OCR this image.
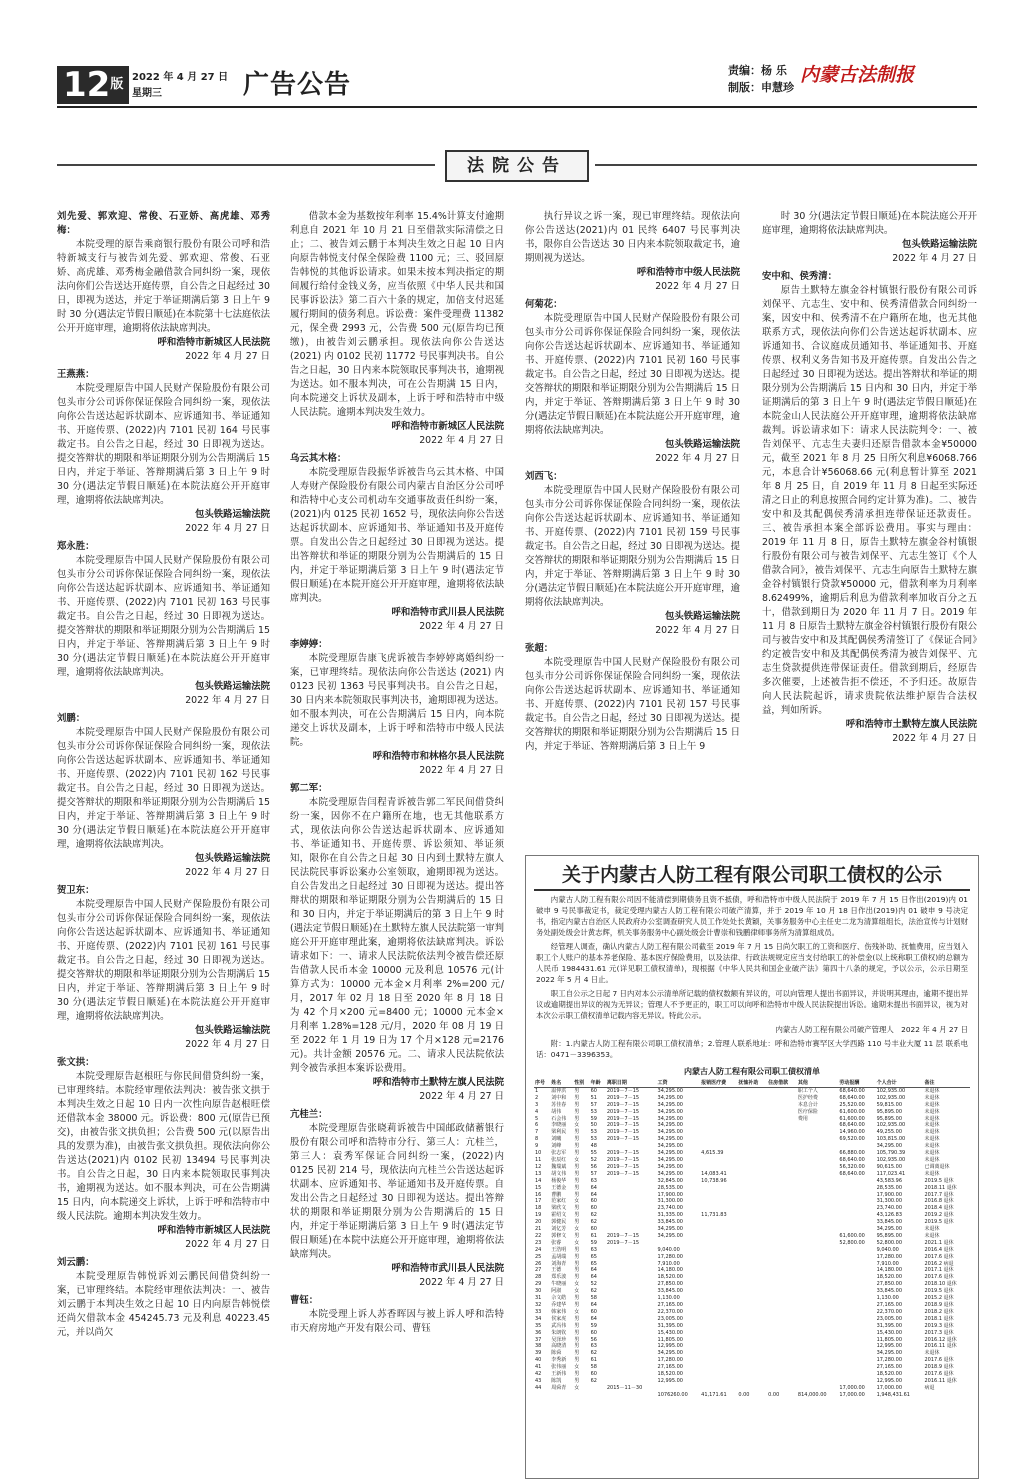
$12^版$ 2022 年 4 月 27 日
星期三	广告公告	责编：杨 乐
制版：申慧珍
内蒙古法制报
法院公告
刘先爱、郭欢迎、常俊、石亚娇、高虎雄、邓秀梅：
本院受理的原告乘商银行股份有限公司呼和浩特新城支行与被告刘先爱、郭欢迎、常俊、石亚娇、高虎雄、邓秀梅金融借款合同纠纷一案，现依法向你们公告送达开庭传票，自公告之日起经过 30 日，即视为送达，并定于举证期满后第 3 日上午 9 时 30 分(遇法定节假日顺延)在本院第十七法庭依法公开开庭审理，逾期将依法缺席判决。
呼和浩特市新城区人民法院
2022 年 4 月 27 日
王燕燕：
本院受理原告中国人民财产保险股份有限公司包头市分公司诉你保证保险合同纠纷一案，现依法向你公告送达起诉状副本、应诉通知书、举证通知书、开庭传票、(2022)内 7101 民初 164 号民事裁定书。自公告之日起，经过 30 日即视为送达。提交答辩状的期限和举证期限分别为公告期满后 15 日内，并定于举证、答辩期满后第 3 日上午 9 时 30 分(遇法定节假日顺延)在本院法庭公开开庭审理，逾期将依法缺席判决。
包头铁路运输法院
2022 年 4 月 27 日
郑永胜：
本院受理原告中国人民财产保险股份有限公司包头市分公司诉你保证保险合同纠纷一案，现依法向你公告送达起诉状副本、应诉通知书、举证通知书、开庭传票、(2022)内 7101 民初 163 号民事裁定书。自公告之日起，经过 30 日即视为送达。提交答辩状的期限和举证期限分别为公告期满后 15 日内，并定于举证、答辩期满后第 3 日上午 9 时 30 分(遇法定节假日顺延)在本院法庭公开开庭审理，逾期将依法缺席判决。
包头铁路运输法院
2022 年 4 月 27 日
刘鹏：
本院受理原告中国人民财产保险股份有限公司包头市分公司诉你保证保险合同纠纷一案，现依法向你公告送达起诉状副本、应诉通知书、举证通知书、开庭传票、(2022)内 7101 民初 162 号民事裁定书。自公告之日起，经过 30 日即视为送达。提交答辩状的期限和举证期限分别为公告期满后 15 日内，并定于举证、答辩期满后第 3 日上午 9 时 30 分(遇法定节假日顺延)在本院法庭公开开庭审理，逾期将依法缺席判决。
包头铁路运输法院
2022 年 4 月 27 日
贺卫东：
本院受理原告中国人民财产保险股份有限公司包头市分公司诉你保证保险合同纠纷一案，现依法向你公告送达起诉状副本、应诉通知书、举证通知书、开庭传票、(2022)内 7101 民初 161 号民事裁定书。自公告之日起，经过 30 日即视为送达。提交答辩状的期限和举证期限分别为公告期满后 15 日内，并定于举证、答辩期满后第 3 日上午 9 时 30 分(遇法定节假日顺延)在本院法庭公开开庭审理，逾期将依法缺席判决。
包头铁路运输法院
2022 年 4 月 27 日
张文拱：
本院受理原告赵根旺与你民间借贷纠纷一案，已审理终结。本院经审理依法判决：被告张文拱于本判决生效之日起 10 日内一次性向原告赵根旺偿还借款本金 38000 元。诉讼费：800 元(原告已预交)，由被告张文拱负担；公告费 500 元(以原告出具的发票为准)，由被告张文拱负担。现依法向你公告送达(2021)内 0102 民初 13494 号民事判决书。自公告之日起，30 日内来本院领取民事判决书，逾期视为送达。如不服本判决，可在公告期满 15 日内，向本院递交上诉状，上诉于呼和浩特市中级人民法院。逾期本判决发生效力。
呼和浩特市新城区人民法院
2022 年 4 月 27 日
刘云鹏：
本院受理原告韩悦诉刘云鹏民间借贷纠纷一案，已审理终结。本院经审理依法判决：一、被告刘云鹏于本判决生效之日起 10 日内向原告韩悦偿还尚欠借款本金 454245.73 元及利息 40223.45 元，并以尚欠
借款本金为基数按年利率 15.4%计算支付逾期利息自 2021 年 10 月 21 日至借款实际清偿之日止；二、被告刘云鹏于本判决生效之日起 10 日内向原告韩悦支付保全保险费 1100 元；三、驳回原告韩悦的其他诉讼请求。如果未按本判决指定的期间履行给付金钱义务，应当依照《中华人民共和国民事诉讼法》第二百六十条的规定，加倍支付迟延履行期间的债务利息。诉讼费：案件受理费 11382 元，保全费 2993 元，公告费 500 元(原告均已预缴)，由被告刘云鹏承担。现依法向你公告送达 (2021) 内 0102 民初 11772 号民事判决书。自公告之日起，30 日内来本院领取民事判决书，逾期视为送达。如不服本判决，可在公告期满 15 日内，向本院递交上诉状及副本，上诉于呼和浩特市中级人民法院。逾期本判决发生效力。
呼和浩特市新城区人民法院
2022 年 4 月 27 日
乌云其木格：
本院受理原告段振华诉被告乌云其木格、中国人寿财产保险股份有限公司内蒙古自治区分公司呼和浩特中心支公司机动车交通事故责任纠纷一案，(2021)内 0125 民初 1652 号，现依法向你公告送达起诉状副本、应诉通知书、举证通知书及开庭传票。自发出公告之日起经过 30 日即视为送达。提出答辩状和举证的期限分别为公告期满后的 15 日内，并定于举证期满后第 3 日上午 9 时(遇法定节假日顺延)在本院开庭公开开庭审理，逾期将依法缺席判决。
呼和浩特市武川县人民法院
2022 年 4 月 27 日
李婷婷：
本院受理原告康飞虎诉被告李婷婷离婚纠纷一案，已审理终结。现依法向你公告送达 (2021) 内 0123 民初 1363 号民事判决书。自公告之日起，30 日内来本院领取民事判决书，逾期即视为送达。如不服本判决，可在公告期满后 15 日内，向本院递交上诉状及副本，上诉于呼和浩特市中级人民法院。
呼和浩特市和林格尔县人民法院
2022 年 4 月 27 日
郭二军：
本院受理原告闫程青诉被告郭二军民间借贷纠纷一案，因你不在户籍所在地，也无其他联系方式，现依法向你公告送达起诉状副本、应诉通知书、举证通知书、开庭传票、诉讼须知、举证须知，限你在自公告之日起 30 日内到土默特左旗人民法院民事诉讼案办公室领取，逾期即视为送达。自公告发出之日起经过 30 日即视为送达。提出答辩状的期限和举证期限分别为公告期满后的 15 日和 30 日内，并定于举证期满后的第 3 日上午 9 时(遇法定节假日顺延)在土默特左旗人民法院第一审判庭公开开庭审理此案，逾期将依法缺席判决。诉讼请求如下：一、请求人民法院依法判令被告偿还原告借款人民币本金 10000 元及利息 10576 元(计算方式为：10000 元本金×月利率 2%=200 元/月，2017 年 02 月 18 日至 2020 年 8 月 18 日为 42 个月×200 元=8400 元；10000 元本金×月利率 1.28%=128 元/月，2020 年 08 月 19 日至 2022 年 1 月 19 日为 17 个月×128 元=2176 元)。共计金额 20576 元。二、请求人民法院依法判令被告承担本案诉讼费用。
呼和浩特市土默特左旗人民法院
2022 年 4 月 27 日
亢桂兰：
本院受理原告张晓莉诉被告中国邮政储蓄银行股份有限公司呼和浩特市分行、第三人：亢桂兰，第三人：袁秀军保证合同纠纷一案，(2022)内 0125 民初 214 号，现依法向亢桂兰公告送达起诉状副本、应诉通知书、举证通知书及开庭传票。自发出公告之日起经过 30 日即视为送达。提出答辩状的期限和举证期限分别为公告期满后的 15 日内，并定于举证期满后第 3 日上午 9 时(遇法定节假日顺延)在本院中法庭公开开庭审理，逾期将依法缺席判决。
呼和浩特市武川县人民法院
2022 年 4 月 27 日
曹钰：
本院受理上诉人苏香晖因与被上诉人呼和浩特市天府房地产开发有限公司、曹钰
执行异议之诉一案，现已审理终结。现依法向你公告送达(2021)内 01 民终 6407 号民事判决书，限你自公告送达 30 日内来本院领取裁定书，逾期则视为送达。
呼和浩特市中级人民法院
2022 年 4 月 27 日
何菊花：
本院受理原告中国人民财产保险股份有限公司包头市分公司诉你保证保险合同纠纷一案，现依法向你公告送达起诉状副本、应诉通知书、举证通知书、开庭传票、(2022)内 7101 民初 160 号民事裁定书。自公告之日起，经过 30 日即视为送达。提交答辩状的期限和举证期限分别为公告期满后 15 日内，并定于举证、答辩期满后第 3 日上午 9 时 30 分(遇法定节假日顺延)在本院法庭公开开庭审理，逾期将依法缺席判决。
包头铁路运输法院
2022 年 4 月 27 日
刘西飞：
本院受理原告中国人民财产保险股份有限公司包头市分公司诉你保证保险合同纠纷一案，现依法向你公告送达起诉状副本、应诉通知书、举证通知书、开庭传票、(2022)内 7101 民初 159 号民事裁定书。自公告之日起，经过 30 日即视为送达。提交答辩状的期限和举证期限分别为公告期满后 15 日内，并定于举证、答辩期满后第 3 日上午 9 时 30 分(遇法定节假日顺延)在本院法庭公开开庭审理，逾期将依法缺席判决。
包头铁路运输法院
2022 年 4 月 27 日
张超：
本院受理原告中国人民财产保险股份有限公司包头市分公司诉你保证保险合同纠纷一案，现依法向你公告送达起诉状副本、应诉通知书、举证通知书、开庭传票、(2022)内 7101 民初 157 号民事裁定书。自公告之日起，经过 30 日即视为送达。提交答辩状的期限和举证期限分别为公告期满后 15 日内，并定于举证、答辩期满后第 3 日上午 9
时 30 分(遇法定节假日顺延)在本院法庭公开开庭审理，逾期将依法缺席判决。
包头铁路运输法院
2022 年 4 月 27 日
安中和、侯秀清：
原告土默特左旗金谷村镇银行股份有限公司诉刘保平、亢志生、安中和、侯秀清借款合同纠纷一案，因安中和、侯秀清不在户籍所在地，也无其他联系方式，现依法向你们公告送达起诉状副本、应诉通知书、合议庭成员通知书、举证通知书、开庭传票、权利义务告知书及开庭传票。自发出公告之日起经过 30 日即视为送达。提出答辩状和举证的期限分别为公告期满后 15 日内和 30 日内，并定于举证期满后的第 3 日上午 9 时(遇法定节假日顺延)在本院金山人民法庭公开开庭审理，逾期将依法缺席裁判。诉讼请求如下：请求人民法院判令：一、被告刘保平、亢志生夫妻归还原告借款本金¥50000 元，截至 2021 年 8 月 25 日所欠利息¥6068.766 元，本息合计¥56068.66 元(利息暂计算至 2021 年 8 月 25 日，自 2019 年 11 月 8 日起至实际还清之日止的利息按照合同约定计算为准)。二、被告安中和及其配偶侯秀清承担连带保证还款责任。三、被告承担本案全部诉讼费用。事实与理由：2019 年 11 月 8 日，原告土默特左旗金谷村镇银行股份有限公司与被告刘保平、亢志生签订《个人借款合同》，被告刘保平、亢志生向原告土默特左旗金谷村镇银行贷款¥50000 元，借款利率为月利率 8.62499%，逾期后利息为借款利率加收百分之五十，借款到期日为 2020 年 11 月 7 日。2019 年 11 月 8 日原告土默特左旗金谷村镇银行股份有限公司与被告安中和及其配偶侯秀清签订了《保证合同》约定被告安中和及其配偶侯秀清为被告刘保平、亢志生贷款提供连带保证责任。借款到期后，经原告多次催要，上述被告拒不偿还，不予归还。故原告向人民法院起诉，请求贵院依法维护原告合法权益，判如所诉。
呼和浩特市土默特左旗人民法院
2022 年 4 月 27 日
关于内蒙古人防工程有限公司职工债权的公示

内蒙古人防工程有限公司因不能清偿到期债务且资不抵债，呼和浩特市中级人民法院于 2019 年 7 月 15 日作出(2019)内 01 破申 9 号民事裁定书，裁定受理内蒙古人防工程有限公司破产清算，并于 2019 年 10 月 18 日作出(2019)内 01 破申 9 号决定书，指定内蒙古自治区人民政府办公室调查研究人员工作处处长黄颖，关事务服务中心主任史二龙为清算组组长，法治宣传与计划财务处副处级会计黄志辉，机关事务服务中心副处级会计曹崇和钱鹏律师事务所为清算组成员。

经管理人调查，确认内蒙古人防工程有限公司截至 2019 年 7 月 15 日尚欠职工的工资和医疗、伤残补助、抚恤费用，应当划入职工个人账户的基本养老保险、基本医疗保险费用，以及法律、行政法规规定应当支付给职工的补偿金(以上统称职工债权)的总额为人民币 1984431.61 元(详见职工债权清单)，现根据《中华人民共和国企业破产法》第四十八条的规定，予以公示，公示日期至 2022 年 5 月 4 日止。

职工自公示之日起 7 日内对本公示清单所记载的债权数额有异议的，可以向管理人提出书面异议，并说明其理由，逾期不提出异议或逾期提出异议的视为无异议；管理人不予更正的，职工可以向呼和浩特市中级人民法院提出诉讼。逾期未提出书面异议，视为对本次公示职工债权清单记载内容无异议。特此公示。

内蒙古人防工程有限公司破产管理人　2022 年 4 月 27 日

附：1.内蒙古人防工程有限公司职工债权清单；2.管理人联系地址：呼和浩特市赛罕区大学西路 110 号丰业大厦 11 层 联系电话：0471－3396353。

内蒙古人防工程有限公司职工债权清单
序号	姓名	性别	年龄	离职日期	工资	报销医疗费	抚恤补助	住房借款	其他	劳动报酬	个人合计	备注
1	温仲洪	男	60	2019－7－15	34,295.00				职工个人	68,640.00	102,935.00	未退休
2	刘中和	男	51	2019－7－15	34,295.00				医护经费	68,640.00	102,935.00	未退休
3	苏佳春	男	57	2019－7－15	34,295.00				本息合计	25,520.00	59,815.00	未退休
4	胡伟	男	53	2019－7－15	34,295.00				医疗保险	61,600.00	95,895.00	未退休
5	石会伟	男	59	2019－7－15	34,295.00				费用	61,600.00	95,895.00	未退休
6	李晓丽	女	50	2019－7－15	34,295.00					68,640.00	102,935.00	未退休
7	梁利民	男	53	2019－7－15	34,295.00					14,960.00	49,255.00	未退休
8	刘曦	男	53	2019－7－15	34,295.00					69,520.00	103,815.00	未退休
9	刘峰	男	48		34,295.00						34,295.00	未退休
10	张志军	男	55	2019－7－15	34,295.00	4,615.39				66,880.00	105,790.39	未退休
11	张辰红	女	52	2019－7－15	34,295.00					68,640.00	102,935.00	未退休
12	魏瑞斌	男	56	2019－7－15	34,295.00					56,320.00	90,615.00	已调离退休
13	胡文伟	男	57	2019－7－15	34,295.00	14,083.41				68,640.00	117,023.41	未退休
14	杨俊华	男	63		32,845.00	10,738.96					43,583.96	2019.5 退休
15	王德金	男	64		28,535.00						28,535.00	2018.11 退休
16	曹鹏	男	64		17,900.00						17,900.00	2017.7 退休
17	范家红	女	60		31,300.00						31,300.00	2016.8 退休
18	梁欣文	男	60		23,740.00						23,740.00	2018.4 退休
19	霍绍文	男	62		31,335.00	11,731.83					43,126.83	2019.2 退休
20	郭健民	男	62		33,845.00						33,845.00	2019.5 退休
21	刘亿芳	女	60		34,295.00						34,295.00	未退休
22	郭修文	男	61	2019－7－15	34,295.00					61,600.00	95,895.00	未退休
23	张睿	女	59	2019－7－15						52,800.00	52,800.00	2021.1 退休
24	王浩明	男	63		9,040.00						9,040.00	2016.4 退休
25	孟胡端	男	65		17,280.00						17,280.00	2017.6 退休
26	刘海青	男	65		7,910.00						7,910.00	2016.2 病退
27	王德	男	64		14,180.00						14,180.00	2017.1 退休
28	郑乐波	男	64		18,520.00						18,520.00	2017.6 退休
29	牛晓丽	女	52		27,850.00						27,850.00	2018.10 退休
30	阿淑	女	62		33,845.00						33,845.00	2019.5 退休
31	佘文皓	男	58		1,130.00						1,130.00	2015.2 退休
32	乔建华	男	64		27,165.00						27,165.00	2018.9 退休
33	韩家伟	女	60		22,370.00						22,370.00	2018.2 退休
34	侯家虎	男	64		23,005.00						23,005.00	2018.1 退休
35	武冯伟	男	59		31,395.00						31,395.00	2019.3 退休
36	朱朗钦	男	60		15,430.00						15,430.00	2017.3 退休
37	吴泽珍	男	56		11,805.00						11,805.00	2016.12 退休
38	高晓清	男	63		12,995.00						12,995.00	2016.11 退休
39	陈舜	男	62		34,295.00						34,295.00	未退休
40	李秀新	男	61		17,280.00						17,280.00	2017.6 退休
41	张伟丽	女	58		27,165.00						27,165.00	2018.9 退休
42	王新伟	男	60		18,520.00						18,520.00	2017.6 退休
43	陈凯	男	62		12,995.00						12,995.00	2016.11 退休
44	周舜青	女		2015－11－30						17,000.00	17,000.00	病退
					1076260.00	41,171.61	0.00	0.00	814,000.00	17,000.00	1,948,431.61	
